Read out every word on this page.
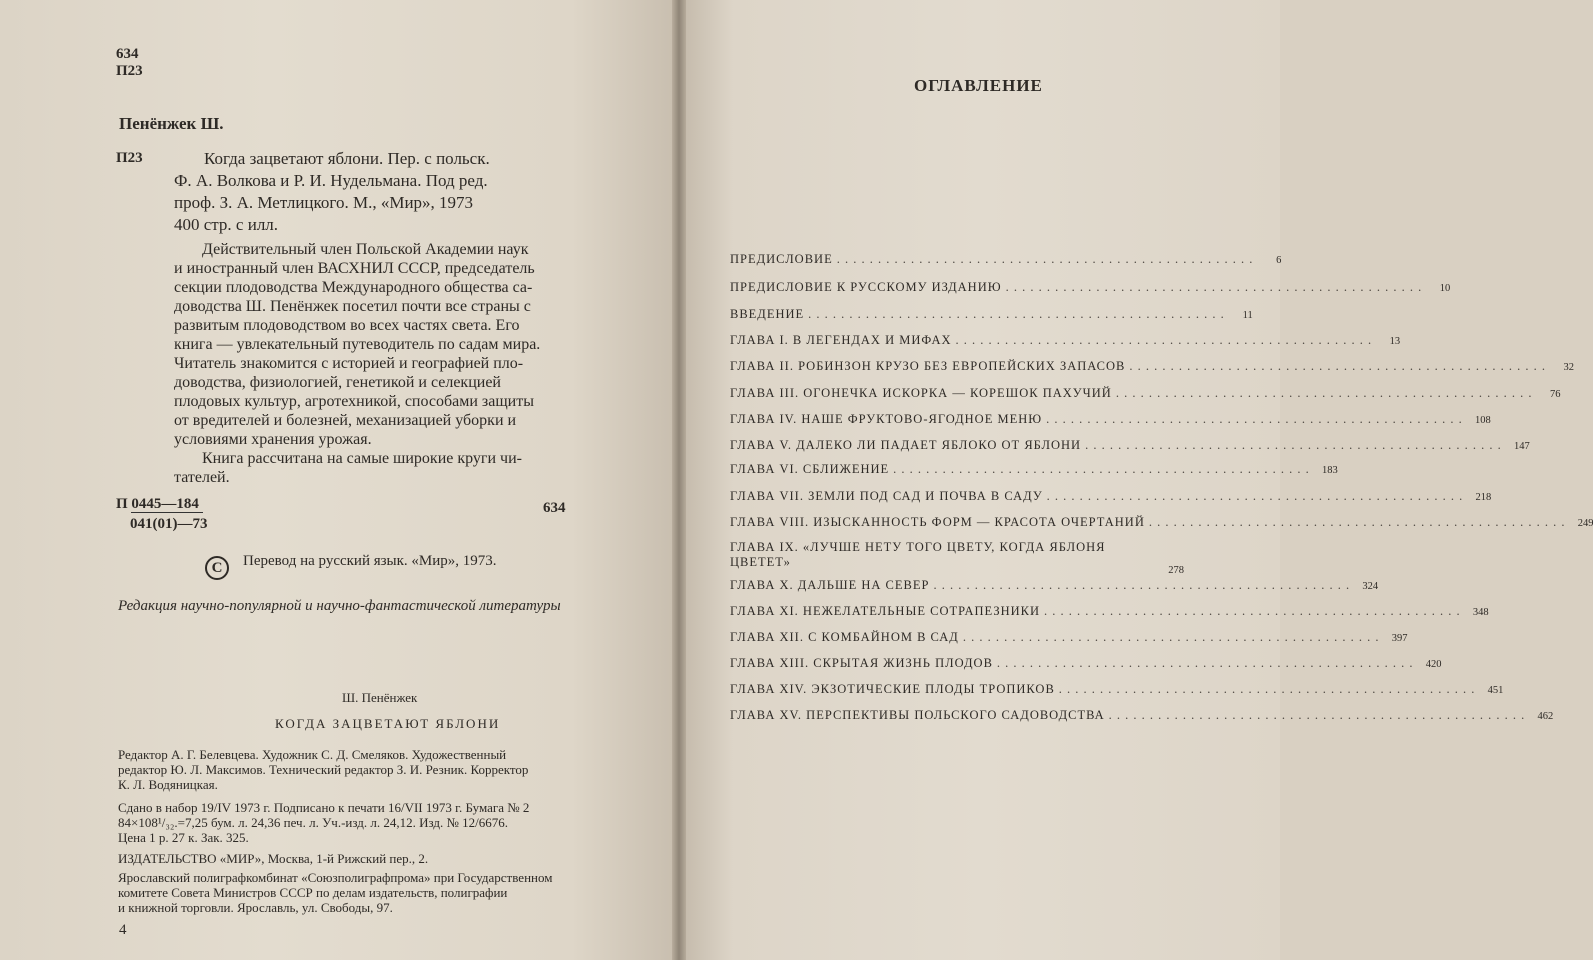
634
П23
Пенёнжек Ш.
П23	Когда зацветают яблони. Пер. с польск.
Ф. А. Волкова и Р. И. Нудельмана. Под ред.
проф. З. А. Метлицкого. М., «Мир», 1973
400 стр. с илл.
Действительный член Польской Академии наук
и иностранный член ВАСХНИЛ СССР, председатель
секции плодоводства Международного общества са-
доводства Ш. Пенёнжек посетил почти все страны с
развитым плодоводством во всех частях света. Его
книга — увлекательный путеводитель по садам мира.
Читатель знакомится с историей и географией пло-
доводства, физиологией, генетикой и селекцией
плодовых культур, агротехникой, способами защиты
от вредителей и болезней, механизацией уборки и
условиями хранения урожая.
Книга рассчитана на самые широкие круги чи-
тателей.
П 0445—184
041(01)—73
634
C	Перевод на русский язык. «Мир», 1973.
Редакция научно-популярной и научно-фантастической литературы
Ш. Пенёнжек
КОГДА ЗАЦВЕТАЮТ ЯБЛОНИ
Редактор А. Г. Белевцева. Художник С. Д. Смеляков. Художественный
редактор Ю. Л. Максимов. Технический редактор З. И. Резник. Корректор
К. Л. Водяницкая.
Сдано в набор 19/IV 1973 г. Подписано к печати 16/VII 1973 г. Бумага № 2
84×108¹/₃₂.=7,25 бум. л. 24,36 печ. л. Уч.-изд. л. 24,12. Изд. № 12/6676.
Цена 1 р. 27 к. Зак. 325.
ИЗДАТЕЛЬСТВО «МИР», Москва, 1-й Рижский пер., 2.
Ярославский полиграфкомбинат «Союзполиграфпрома» при Государственном
комитете Совета Министров СССР по делам издательств, полиграфии
и книжной торговли. Ярославль, ул. Свободы, 97.
4
ОГЛАВЛЕНИЕ
ПРЕДИСЛОВИЕ . . . . . . . . . . . . . . . . . . . . . . . . . . . . . . . . . . . . . . . . . . . . . . . . . . .	6
ПРЕДИСЛОВИЕ К РУССКОМУ ИЗДАНИЮ . . . . . . . . . . . . . . . . . . . . . . . . . . . . . . . . . . . . . . . . . . . . . . . . . . .	10
ВВЕДЕНИЕ . . . . . . . . . . . . . . . . . . . . . . . . . . . . . . . . . . . . . . . . . . . . . . . . . . .	11
ГЛАВА I. В ЛЕГЕНДАХ И МИФАХ . . . . . . . . . . . . . . . . . . . . . . . . . . . . . . . . . . . . . . . . . . . . . . . . . . .	13
ГЛАВА II. РОБИНЗОН КРУЗО БЕЗ ЕВРОПЕЙСКИХ ЗАПАСОВ . . . . . . . . . . . . . . . . . . . . . . . . . . . . . . . . . . . . . . . . . . . . . . . . . . .	32
ГЛАВА III. ОГОНЕЧКА ИСКОРКА — КОРЕШОК ПАХУЧИЙ . . . . . . . . . . . . . . . . . . . . . . . . . . . . . . . . . . . . . . . . . . . . . . . . . . .	76
ГЛАВА IV. НАШЕ ФРУКТОВО-ЯГОДНОЕ МЕНЮ . . . . . . . . . . . . . . . . . . . . . . . . . . . . . . . . . . . . . . . . . . . . . . . . . . .	108
ГЛАВА V. ДАЛЕКО ЛИ ПАДАЕТ ЯБЛОКО ОТ ЯБЛОНИ . . . . . . . . . . . . . . . . . . . . . . . . . . . . . . . . . . . . . . . . . . . . . . . . . . .	147
ГЛАВА VI. СБЛИЖЕНИЕ . . . . . . . . . . . . . . . . . . . . . . . . . . . . . . . . . . . . . . . . . . . . . . . . . . .	183
ГЛАВА VII. ЗЕМЛИ ПОД САД И ПОЧВА В САДУ . . . . . . . . . . . . . . . . . . . . . . . . . . . . . . . . . . . . . . . . . . . . . . . . . . .	218
ГЛАВА VIII. ИЗЫСКАННОСТЬ ФОРМ — КРАСОТА ОЧЕРТАНИЙ . . . . . . . . . . . . . . . . . . . . . . . . . . . . . . . . . . . . . . . . . . . . . . . . . . .	249
ГЛАВА IX. «ЛУЧШЕ НЕТУ ТОГО ЦВЕТУ, КОГДА ЯБЛОНЯ ЦВЕТЕТ»
278
ГЛАВА X. ДАЛЬШЕ НА СЕВЕР . . . . . . . . . . . . . . . . . . . . . . . . . . . . . . . . . . . . . . . . . . . . . . . . . . .	324
ГЛАВА XI. НЕЖЕЛАТЕЛЬНЫЕ СОТРАПЕЗНИКИ . . . . . . . . . . . . . . . . . . . . . . . . . . . . . . . . . . . . . . . . . . . . . . . . . . .	348
ГЛАВА XII. С КОМБАЙНОМ В САД . . . . . . . . . . . . . . . . . . . . . . . . . . . . . . . . . . . . . . . . . . . . . . . . . . .	397
ГЛАВА XIII. СКРЫТАЯ ЖИЗНЬ ПЛОДОВ . . . . . . . . . . . . . . . . . . . . . . . . . . . . . . . . . . . . . . . . . . . . . . . . . . .	420
ГЛАВА XIV. ЭКЗОТИЧЕСКИЕ ПЛОДЫ ТРОПИКОВ . . . . . . . . . . . . . . . . . . . . . . . . . . . . . . . . . . . . . . . . . . . . . . . . . . .	451
ГЛАВА XV. ПЕРСПЕКТИВЫ ПОЛЬСКОГО САДОВОДСТВА . . . . . . . . . . . . . . . . . . . . . . . . . . . . . . . . . . . . . . . . . . . . . . . . . . .	462
